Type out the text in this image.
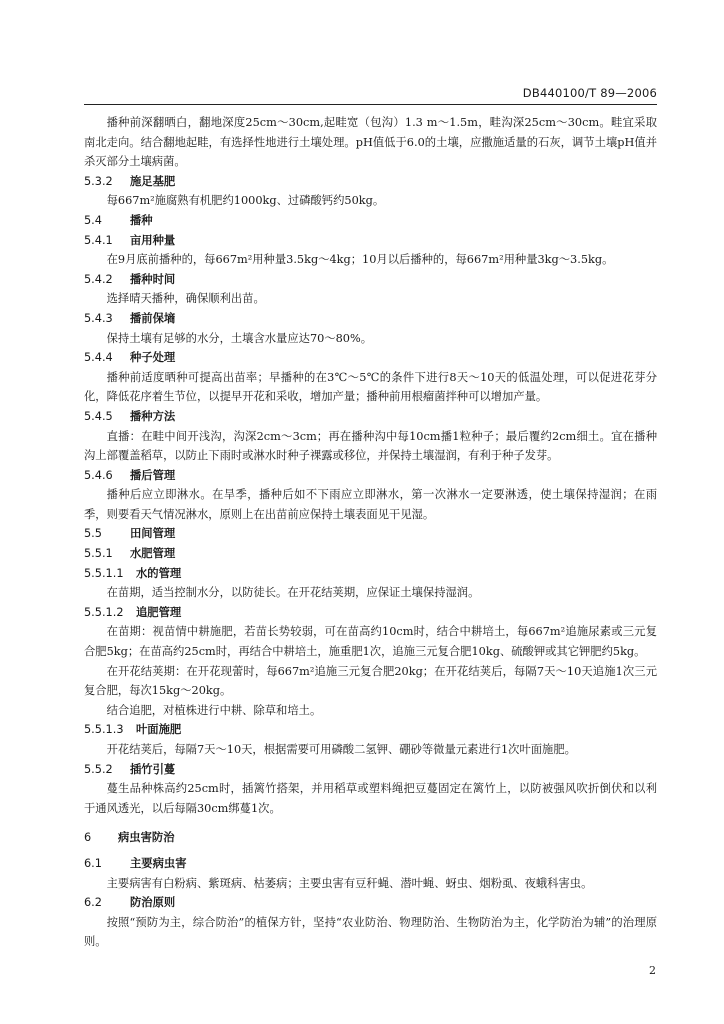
DB440100/T 89—2006

播种前深翻晒白，翻地深度25cm～30cm,起畦宽（包沟）1.3 m～1.5m，畦沟深25cm～30cm。畦宜采取南北走向。结合翻地起畦，有选择性地进行土壤处理。pH值低于6.0的土壤，应撒施适量的石灰，调节土壤pH值并杀灭部分土壤病菌。

5.3.2 施足基肥

每667m²施腐熟有机肥约1000kg、过磷酸钙约50kg。

5.4 播种
5.4.1 亩用种量

在9月底前播种的，每667m²用种量3.5kg～4kg；10月以后播种的，每667m²用种量3kg～3.5kg。

5.4.2 播种时间

选择晴天播种，确保顺利出苗。

5.4.3 播前保墒

保持土壤有足够的水分，土壤含水量应达70～80%。

5.4.4 种子处理

播种前适度晒种可提高出苗率；早播种的在3℃～5℃的条件下进行8天～10天的低温处理，可以促进花芽分化，降低花序着生节位，以提早开花和采收，增加产量；播种前用根瘤菌拌种可以增加产量。

5.4.5 播种方法

直播：在畦中间开浅沟，沟深2cm～3cm；再在播种沟中每10cm播1粒种子；最后覆约2cm细土。宜在播种沟上部覆盖稻草，以防止下雨时或淋水时种子裸露或移位，并保持土壤湿润，有利于种子发芽。

5.4.6 播后管理

播种后应立即淋水。在旱季，播种后如不下雨应立即淋水，第一次淋水一定要淋透，使土壤保持湿润；在雨季，则要看天气情况淋水，原则上在出苗前应保持土壤表面见干见湿。

5.5 田间管理
5.5.1 水肥管理
5.5.1.1 水的管理

在苗期，适当控制水分，以防徒长。在开花结荚期，应保证土壤保持湿润。

5.5.1.2 追肥管理

在苗期：视苗情中耕施肥，若苗长势较弱，可在苗高约10cm时，结合中耕培土，每667m²追施尿素或三元复合肥5kg；在苗高约25cm时，再结合中耕培土，施重肥1次，追施三元复合肥10kg、硫酸钾或其它钾肥约5kg。

在开花结荚期：在开花现蕾时，每667m²追施三元复合肥20kg；在开花结荚后，每隔7天～10天追施1次三元复合肥，每次15kg～20kg。

结合追肥，对植株进行中耕、除草和培土。

5.5.1.3 叶面施肥

开花结荚后，每隔7天～10天，根据需要可用磷酸二氢钾、硼砂等微量元素进行1次叶面施肥。

5.5.2 插竹引蔓

蔓生品种株高约25cm时，插篱竹搭架，并用稻草或塑料绳把豆蔓固定在篱竹上，以防被强风吹折倒伏和以利于通风透光，以后每隔30cm绑蔓1次。

6 病虫害防治
6.1 主要病虫害

主要病害有白粉病、紫斑病、枯萎病；主要虫害有豆秆蝇、潜叶蝇、蚜虫、烟粉虱、夜蛾科害虫。

6.2 防治原则

按照“预防为主，综合防治”的植保方针，坚持“农业防治、物理防治、生物防治为主，化学防治为辅”的治理原则。

2
